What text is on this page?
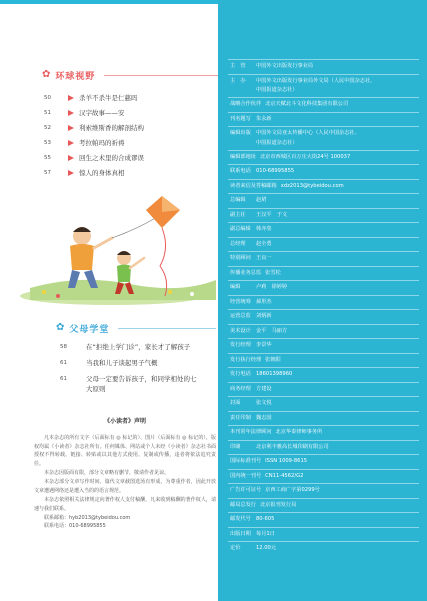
✿ 环球视野
50	杀羊不杀牛是仁慈吗
51	汉字故事——安
52	利索维斯香的解剖结构
53	考拉帕玛的祈祷
55	回生之术里的合成谬误
57	惊人的身体真相
✿ 父母学堂
58	在“拒绝上学门诊”，家长才了解孩子
61	当我和儿子谈起男子气概
61	父母一定要告诉孩子，和同学相处的七大原则
《小读者》声明

凡本杂志的所有文字（后面标有 ◎ 标记的）、图片（后面标有 ◎ 标记的），版权均属《小读者》杂志社所有。任何媒体、网站或个人未经《小读者》杂志社书面授权不得转载、链接、转贴或以其他方式使用。复制或传播，违者将依法追究责任。

本杂志因版面有限，部分文章略有删节，敬请作者见谅。

本杂志部分文章写作时间、篇代文章截图选汤有形成，为尊重作者，因此开放文章遭遇网络还是遭入当的的语言规范。

本杂志依照相关法律规定向著作权人支付稿酬，凡来收到稿酬的著作权人，请速与我们联系。

联系邮箱：hyb2013@tybeidou.com
联系电话：010-68995855
主　管 中国外文出版发行事业局
主　办 中国外文出版发行事业局外文局（人民中国杂志社，
中国报道杂志社）
战略合作伙伴 北京天赋北斗文化科技集团有限公司
刊名题写 朱永新
编辑出版 中国外文局亚太传播中心（人民中国杂志社、
中国报道杂志社）
编辑部地址 北京市西城区百万庄大街24号 100037
联系电话 010-68995855
读者来信及答稿邮箱 xdz2013@tybeidou.com
总编辑 赵珺
副主任 王汉平　于文
副总编辑 韩亦垒
总经理 赵全勇
特别顾问 王良一
传播业务总监 张雪松
编辑	卢莉　徐婷婷
经营统筹 郝彤杰
运营总监 刘炳新
美术设计 金平　马丽方
发行经理 李景华
发行执行经理 张朝阳
发行电话 18601398960
商务经理 方建设
封面	张文悦
责任印制 魏志国
本刊常年法律顾问 北京华泰律师事务所
印刷	北京利丰雅高长城印刷有限公司
国际标准刊号 ISSN 1009-8615
国内统一刊号 CN11-4562/G2
广告许可证号 京西工商广字第0299号
邮局总发行 北京报刊发行局
邮发代号 80-605
出版日期 每月1日
定价	12.00元
